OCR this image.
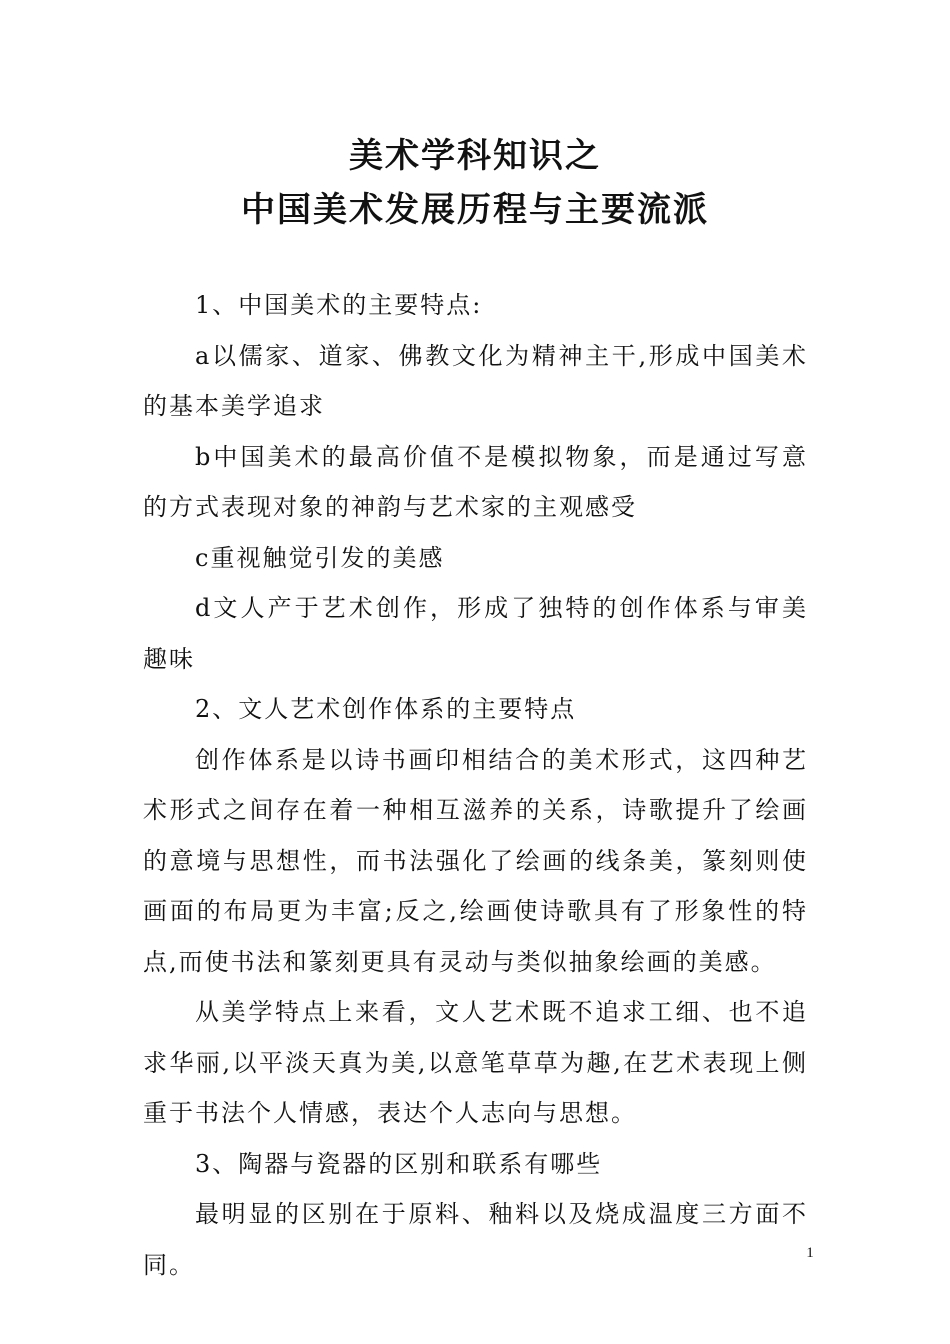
美术学科知识之
中国美术发展历程与主要流派

1、中国美术的主要特点:

a以儒家、道家、佛教文化为精神主干,形成中国美术的基本美学追求

b中国美术的最高价值不是模拟物象，而是通过写意的方式表现对象的神韵与艺术家的主观感受

c重视触觉引发的美感

d文人产于艺术创作，形成了独特的创作体系与审美趣味

2、文人艺术创作体系的主要特点

创作体系是以诗书画印相结合的美术形式，这四种艺术形式之间存在着一种相互滋养的关系，诗歌提升了绘画的意境与思想性，而书法强化了绘画的线条美，篆刻则使画面的布局更为丰富;反之,绘画使诗歌具有了形象性的特点,而使书法和篆刻更具有灵动与类似抽象绘画的美感。

从美学特点上来看，文人艺术既不追求工细、也不追求华丽,以平淡天真为美,以意笔草草为趣,在艺术表现上侧重于书法个人情感，表达个人志向与思想。

3、陶器与瓷器的区别和联系有哪些

最明显的区别在于原料、釉料以及烧成温度三方面不同。	1
